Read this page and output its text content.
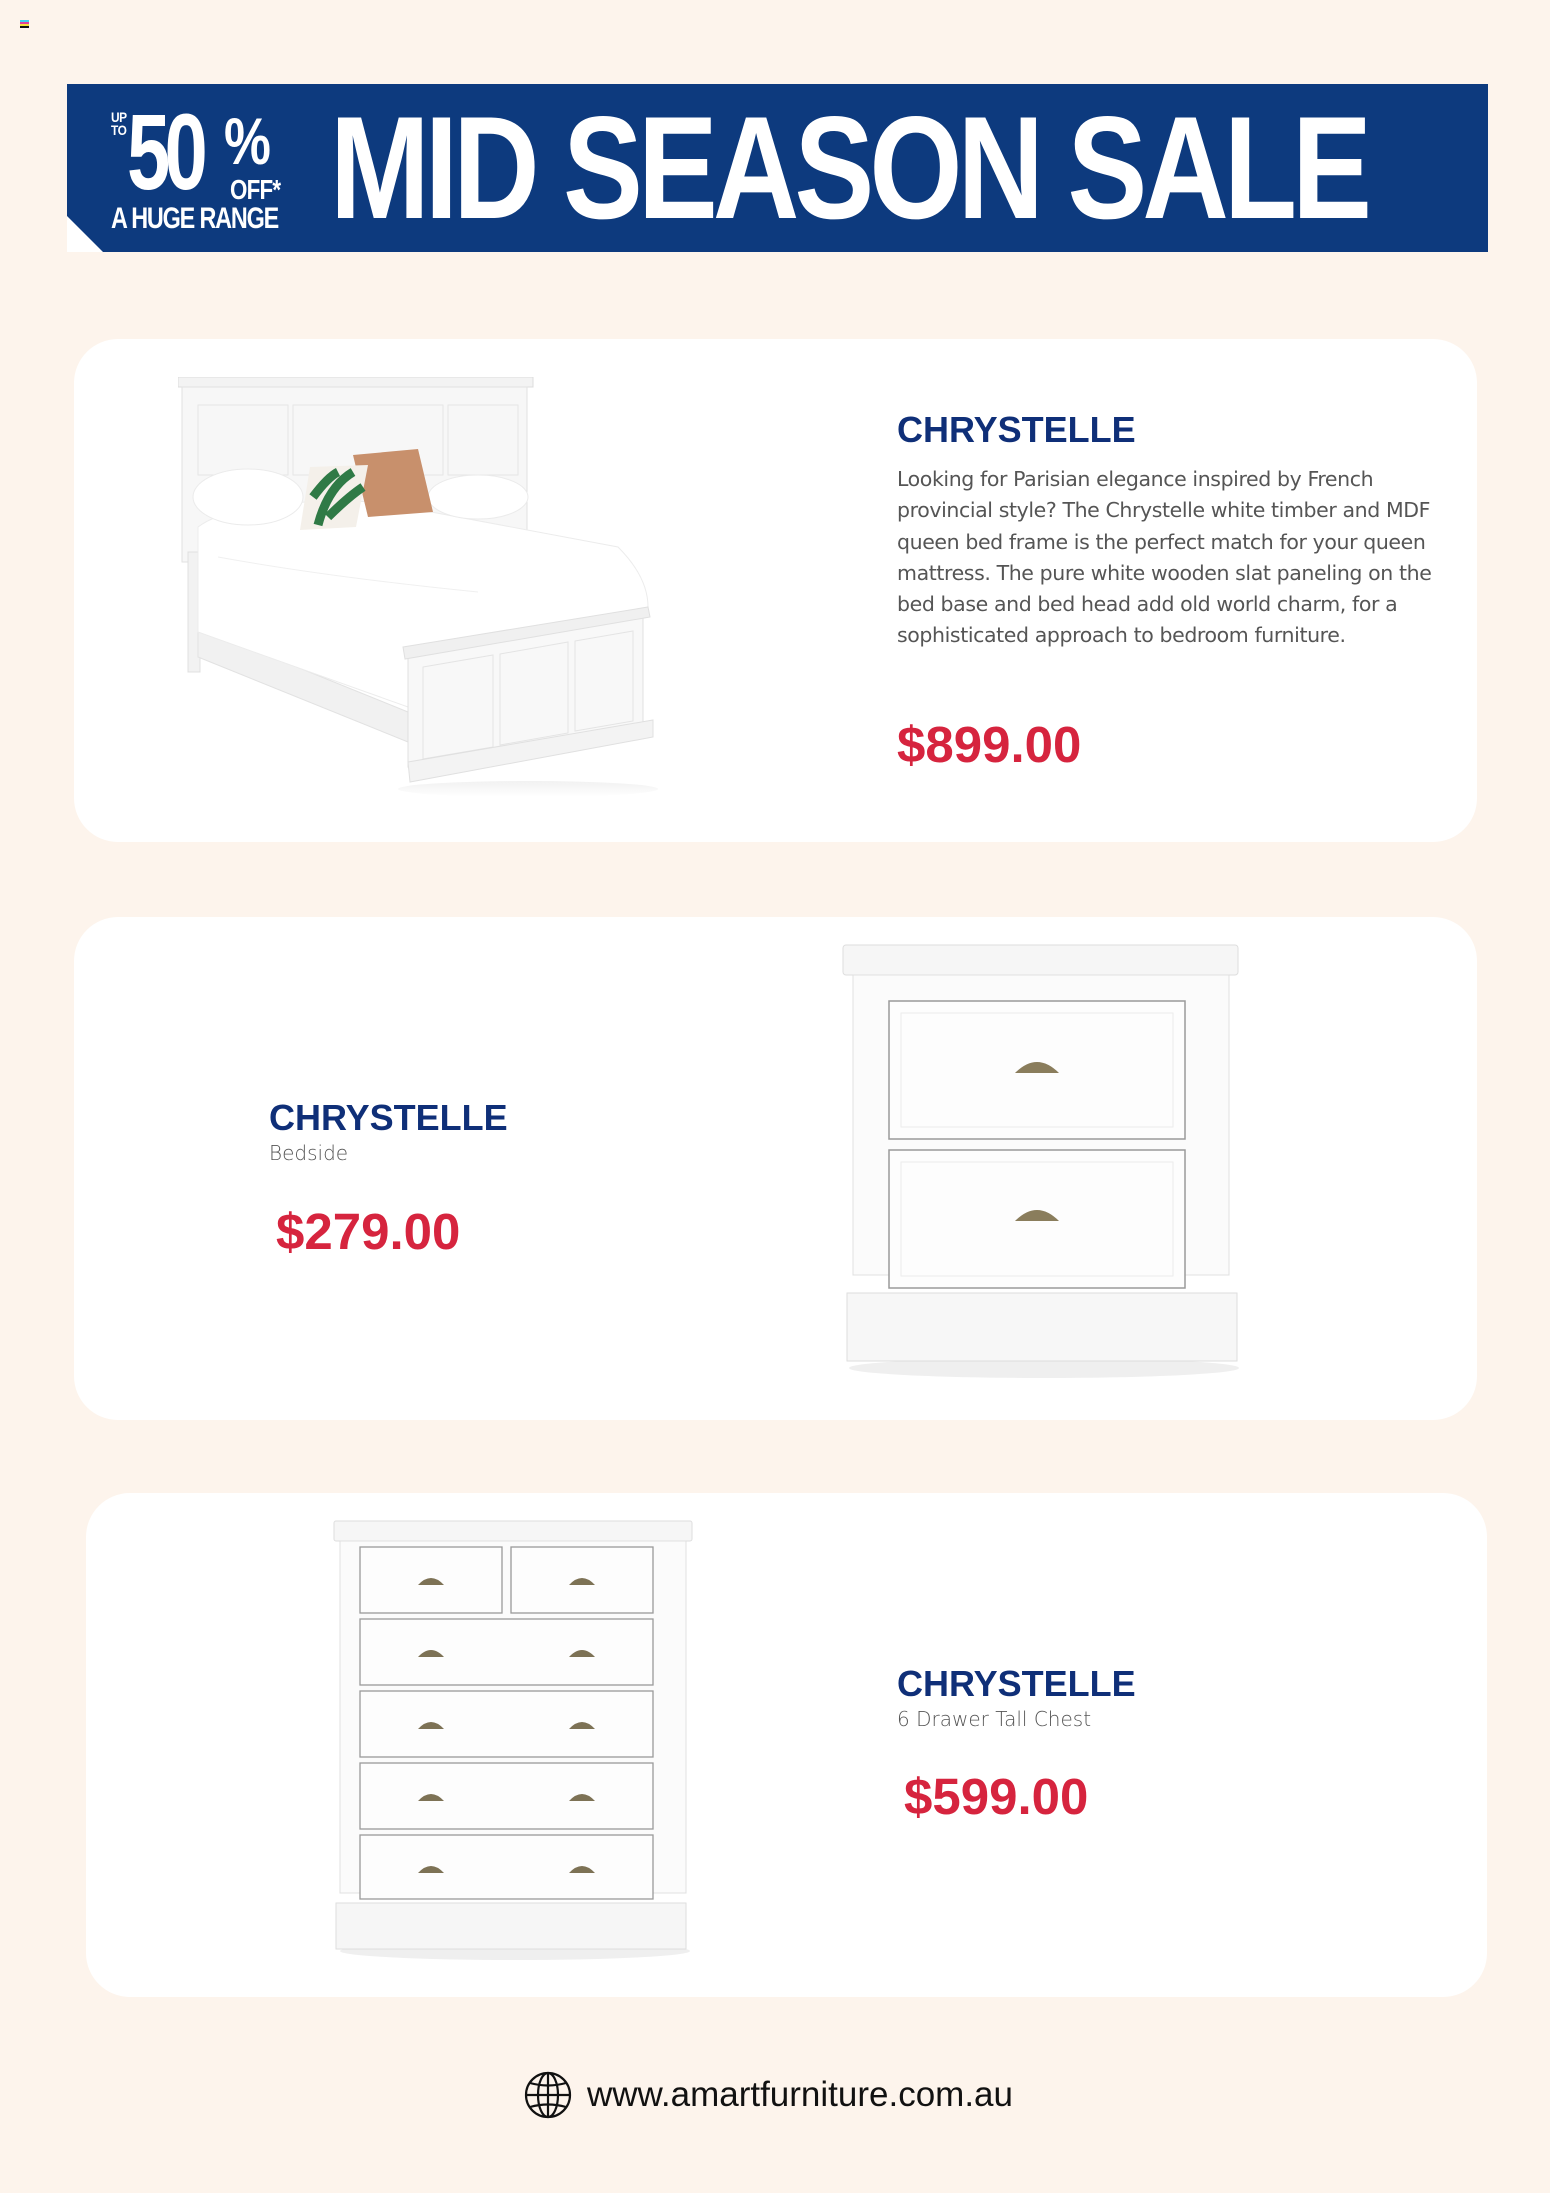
UP
TO 50 %
OFF*
A HUGE RANGE MID SEASON SALE
CHRYSTELLE
Looking for Parisian elegance inspired by French provincial style? The Chrystelle white timber and MDF queen bed frame is the perfect match for your queen mattress. The pure white wooden slat paneling on the bed base and bed head add old world charm, for a sophisticated approach to bedroom furniture.
$899.00
CHRYSTELLE
Bedside
$279.00
CHRYSTELLE
6 Drawer Tall Chest
$599.00
www.amartfurniture.com.au
